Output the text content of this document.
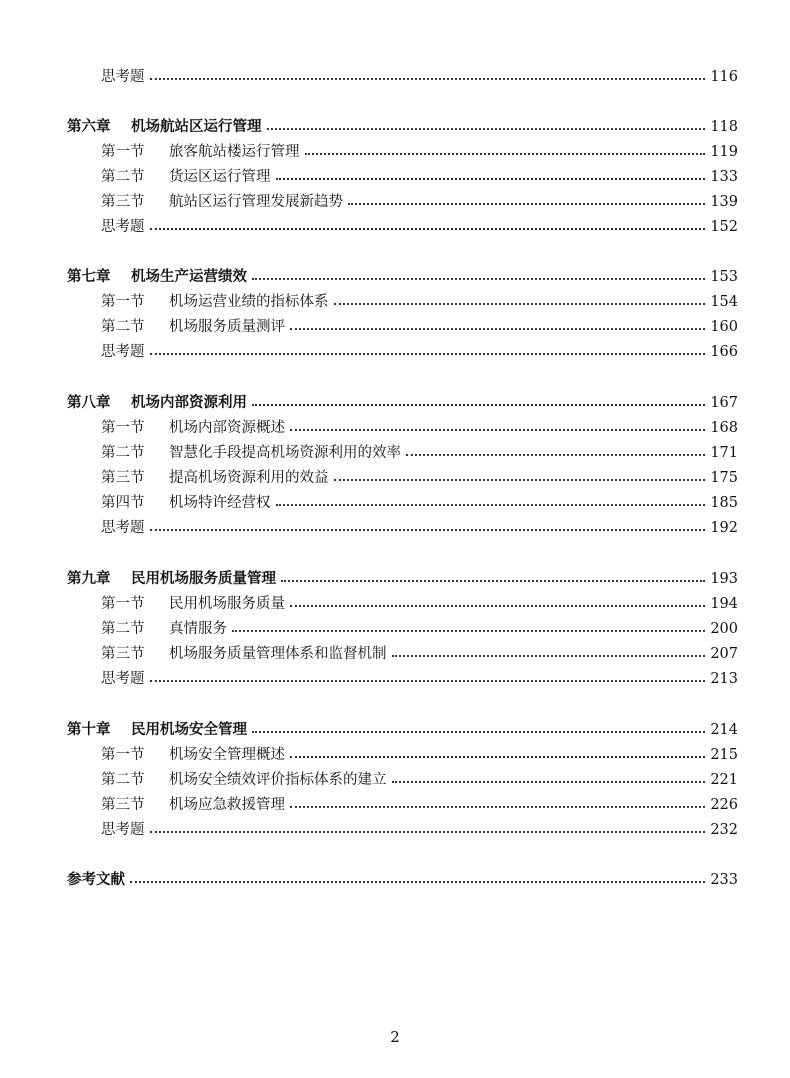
思考题	116
第六章	机场航站区运行管理	118
第一节	旅客航站楼运行管理	119
第二节	货运区运行管理	133
第三节	航站区运行管理发展新趋势	139
思考题	152
第七章	机场生产运营绩效	153
第一节	机场运营业绩的指标体系	154
第二节	机场服务质量测评	160
思考题	166
第八章	机场内部资源利用	167
第一节	机场内部资源概述	168
第二节	智慧化手段提高机场资源利用的效率	171
第三节	提高机场资源利用的效益	175
第四节	机场特许经营权	185
思考题	192
第九章	民用机场服务质量管理	193
第一节	民用机场服务质量	194
第二节	真情服务	200
第三节	机场服务质量管理体系和监督机制	207
思考题	213
第十章	民用机场安全管理	214
第一节	机场安全管理概述	215
第二节	机场安全绩效评价指标体系的建立	221
第三节	机场应急救援管理	226
思考题	232
参考文献	233
2
